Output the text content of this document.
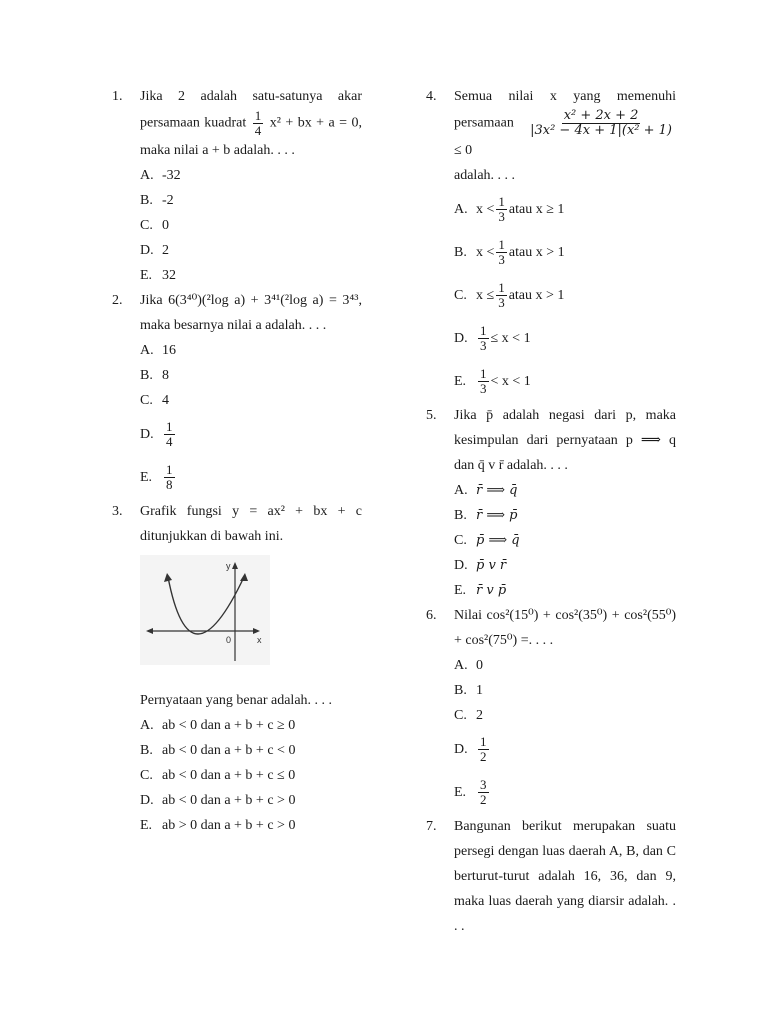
1. Jika 2 adalah satu-satunya akar persamaan kuadrat $\frac{1}{4} x^2$ + bx + a = 0, maka nilai a + b adalah. . . .
A. -32
B. -2
C. 0
D. 2
E. 32
2. Jika 6(3⁴⁰)(²log a) + 3⁴¹(²log a) = 3⁴³, maka besarnya nilai a adalah. . . .
A. 16
B. 8
C. 4
D. $\frac{1}{4}$
E. $\frac{1}{8}$
3. Grafik fungsi y = ax² + bx + c ditunjukkan di bawah ini.
y
0	x
Pernyataan yang benar adalah. . . .
A. ab < 0 dan a + b + c ≥ 0
B. ab < 0 dan a + b + c < 0
C. ab < 0 dan a + b + c ≤ 0
D. ab < 0 dan a + b + c > 0
E. ab > 0 dan a + b + c > 0
4. Semua nilai x yang memenuhi persamaan $\frac{\text{x² + 2x + 2}}{\text{|3x² − 4x + 1|(x² + 1)}}$
≤ 0
adalah. . . .
A. $x < \frac{1}{3}$ atau x ≥ 1
B. $x < \frac{1}{3}$ atau x > 1
C. $x \le \frac{1}{3}$ atau x > 1
D. $\frac{1}{3} \le x < 1$
E. $\frac{1}{3} < x < 1$
5. Jika p̄ adalah negasi dari p, maka kesimpulan dari pernyataan p ⟹ q dan q̄ v r̄ adalah. . . .
A. r̄ ⟹ q̄
B. r̄ ⟹ p̄
C. p̄ ⟹ q̄
D. p̄ v r̄
E. r̄ v p̄
6. Nilai cos²(15⁰) + cos²(35⁰) + cos²(55⁰) + cos²(75⁰) =. . . .
A. 0
B. 1
C. 2
D. $\frac{1}{2}$
E. $\frac{3}{2}$
7. Bangunan berikut merupakan suatu persegi dengan luas daerah A, B, dan C berturut-turut adalah 16, 36, dan 9, maka luas daerah yang diarsir adalah. . . .
